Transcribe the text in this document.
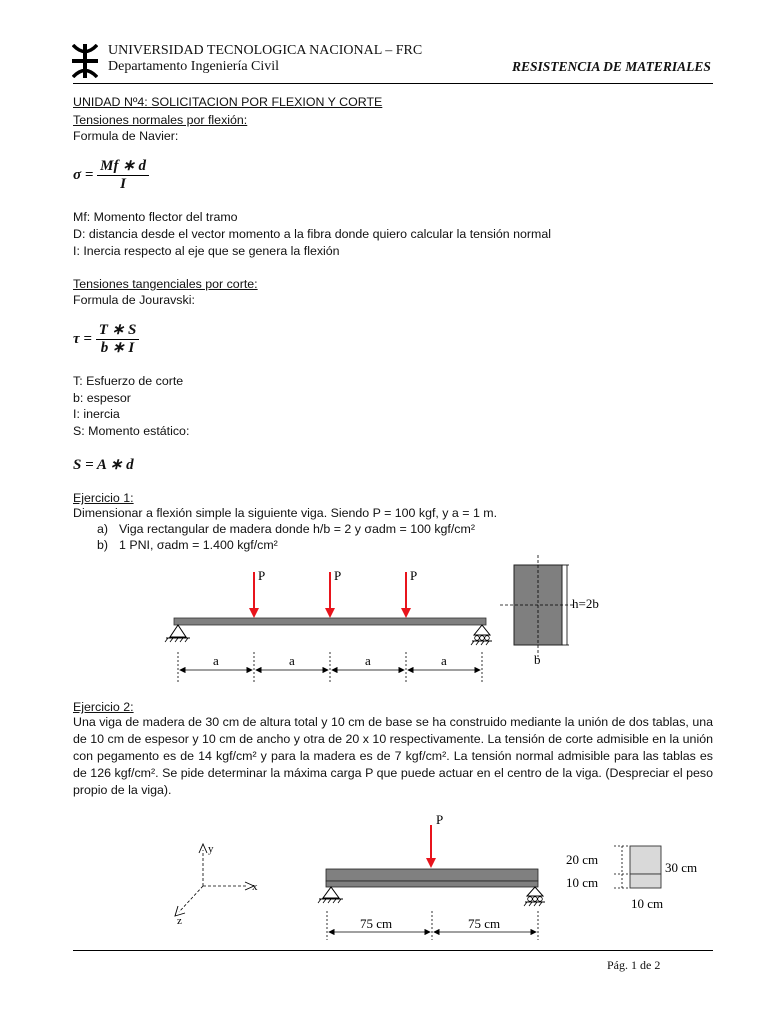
UNIVERSIDAD TECNOLOGICA NACIONAL – FRC
Departamento Ingeniería Civil	RESISTENCIA DE MATERIALES
UNIDAD Nº4: SOLICITACION POR FLEXION Y CORTE
Tensiones normales por flexión:
Formula de Navier:
$\sigma = \frac{Mf ∗ d}{I}$
Mf: Momento flector del tramo
D: distancia desde el vector momento a la fibra donde quiero calcular la tensión normal
I: Inercia respecto al eje que se genera la flexión
Tensiones tangenciales por corte:
Formula de Jouravski:
$\tau = \frac{T ∗ S}{b ∗ I}$
T: Esfuerzo de corte
b: espesor
I: inercia
S: Momento estático:
S = A ∗ d
Ejercicio 1:
Dimensionar a flexión simple la siguiente viga. Siendo P = 100 kgf, y a = 1 m.
a) Viga rectangular de madera donde h/b = 2 y σadm = 100 kgf/cm²
b) 1 PNI, σadm = 1.400 kgf/cm²
P	P	P
a	a	a	a
h=2b
b
Ejercicio 2:
Una viga de madera de 30 cm de altura total y 10 cm de base se ha construido mediante la unión de dos tablas, una de 10 cm de espesor y 10 cm de ancho y otra de 20 x 10 respectivamente. La tensión de corte admisible en la unión con pegamento es de 14 kgf/cm² y para la madera es de 7 kgf/cm². La tensión normal admisible para las tablas es de 126 kgf/cm². Se pide determinar la máxima carga P que puede actuar en el centro de la viga. (Despreciar el peso propio de la viga).
y
x
z
P
75 cm	75 cm
20 cm
10 cm
30 cm
10 cm
Pág. 1 de 2
